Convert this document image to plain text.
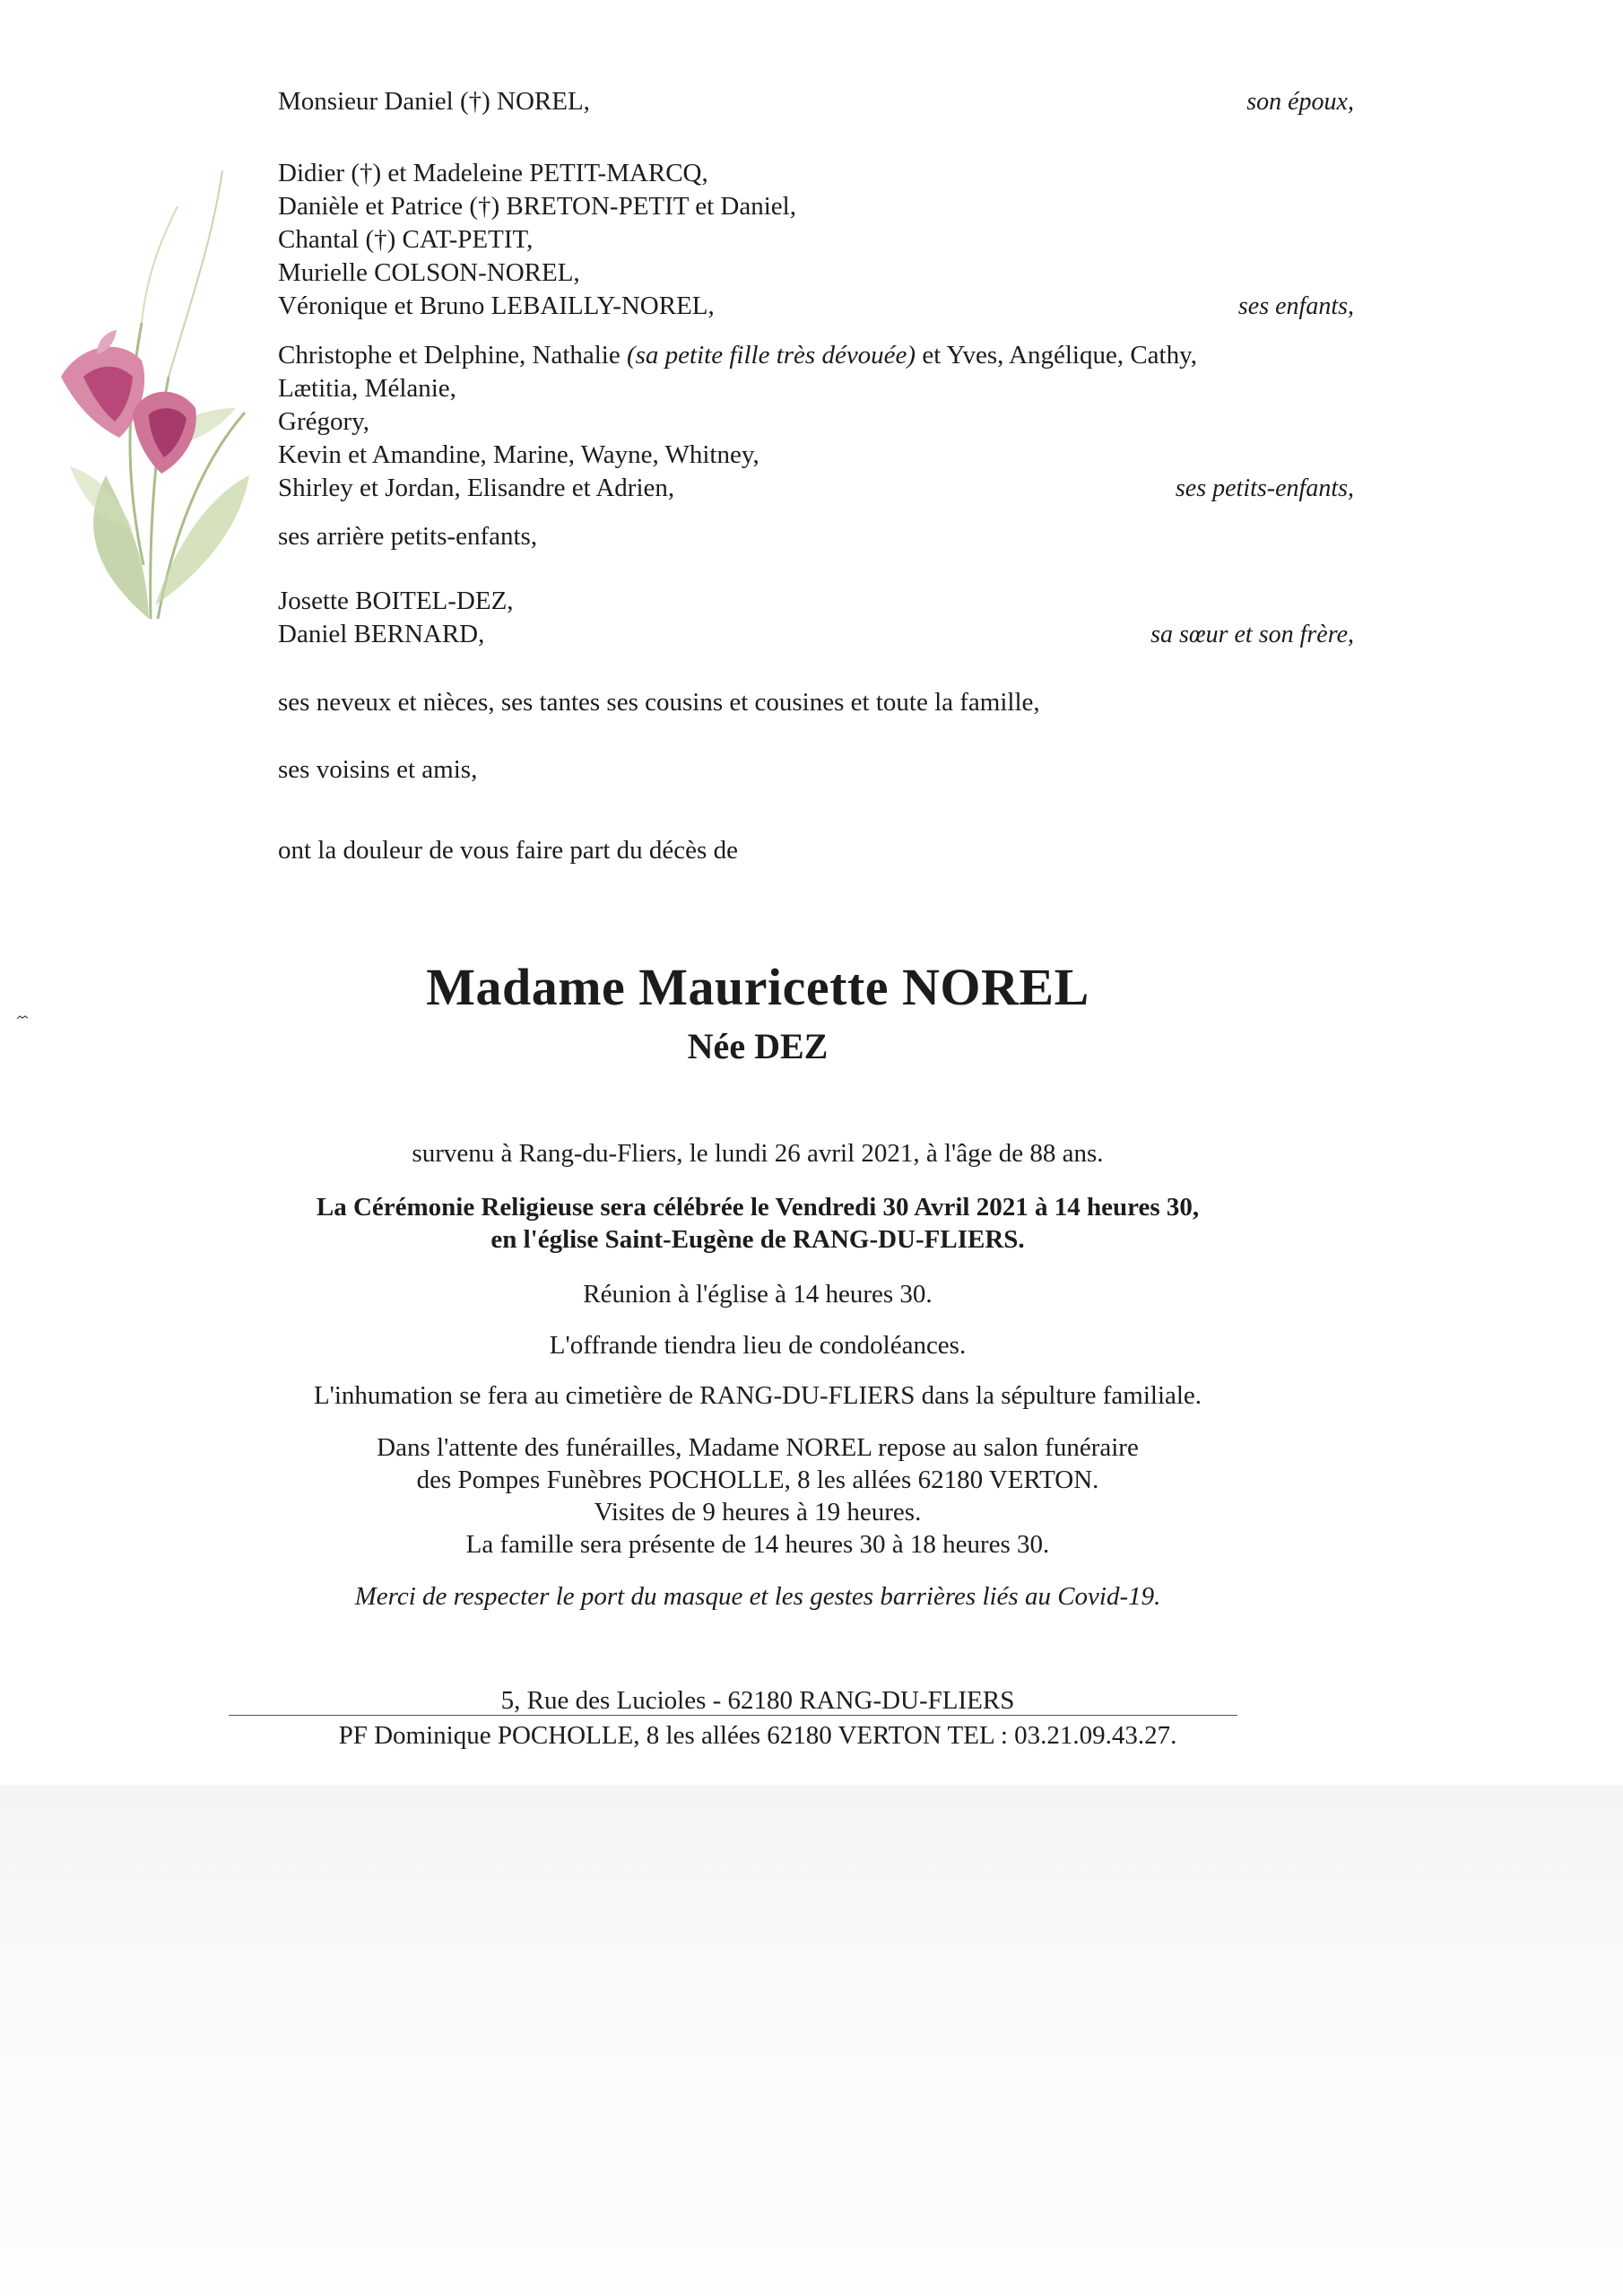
Monsieur Daniel (†) NOREL,	son époux,
Didier (†) et Madeleine PETIT-MARCQ,
Danièle et Patrice (†) BRETON-PETIT et Daniel,
Chantal (†) CAT-PETIT,
Murielle COLSON-NOREL,
Véronique et Bruno LEBAILLY-NOREL,	ses enfants,
Christophe et Delphine, Nathalie (sa petite fille très dévouée) et Yves, Angélique, Cathy,
Lætitia, Mélanie,
Grégory,
Kevin et Amandine, Marine, Wayne, Whitney,
Shirley et Jordan, Elisandre et Adrien,	ses petits-enfants,
ses arrière petits-enfants,
Josette BOITEL-DEZ,
Daniel BERNARD,	sa sœur et son frère,
ses neveux et nièces, ses tantes ses cousins et cousines et toute la famille,
ses voisins et amis,
ont la douleur de vous faire part du décès de
Madame Mauricette NOREL
Née DEZ
survenu à Rang-du-Fliers, le lundi 26 avril 2021, à l'âge de 88 ans.
La Cérémonie Religieuse sera célébrée le Vendredi 30 Avril 2021 à 14 heures 30,
en l'église Saint-Eugène de RANG-DU-FLIERS.
Réunion à l'église à 14 heures 30.
L'offrande tiendra lieu de condoléances.
L'inhumation se fera au cimetière de RANG-DU-FLIERS dans la sépulture familiale.
Dans l'attente des funérailles, Madame NOREL repose au salon funéraire
des Pompes Funèbres POCHOLLE, 8 les allées 62180 VERTON.
Visites de 9 heures à 19 heures.
La famille sera présente de 14 heures 30 à 18 heures 30.
Merci de respecter le port du masque et les gestes barrières liés au Covid-19.
5, Rue des Lucioles - 62180 RANG-DU-FLIERS
PF Dominique POCHOLLE, 8 les allées 62180 VERTON TEL : 03.21.09.43.27.
